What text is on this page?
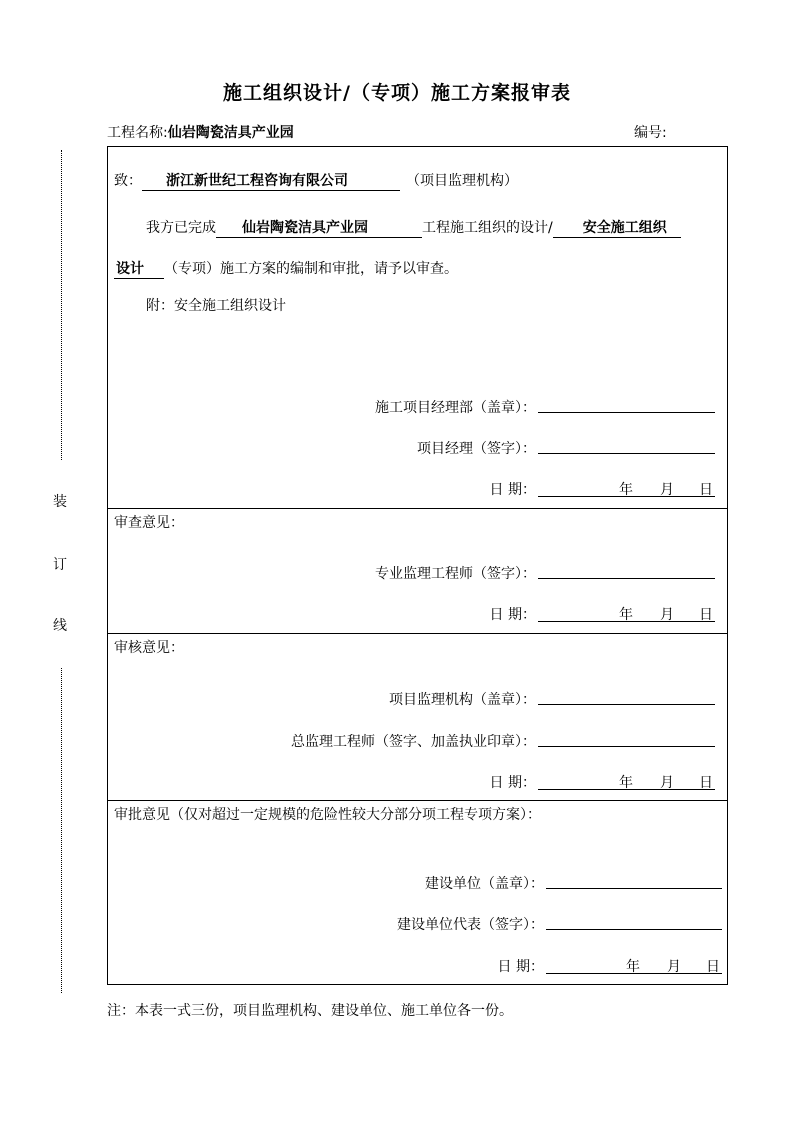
施工组织设计/（专项）施工方案报审表
工程名称:仙岩陶瓷洁具产业园	编号:
装
订
线
致： 浙江新世纪工程咨询有限公司	（项目监理机构）
我方已完成 仙岩陶瓷洁具产业园	工程施工组织的设计/ 安全施工组织
设计 （专项）施工方案的编制和审批，请予以审查。
附：安全施工组织设计
施工项目经理部（盖章）：
项目经理（签字）：
日 期：	年 月 日
审查意见：
专业监理工程师（签字）：
日 期：	年 月 日
审核意见：
项目监理机构（盖章）：
总监理工程师（签字、加盖执业印章）：
日 期：	年 月 日
审批意见（仅对超过一定规模的危险性较大分部分项工程专项方案）：
建设单位（盖章）：
建设单位代表（签字）：
日 期：	年 月 日
注：本表一式三份，项目监理机构、建设单位、施工单位各一份。
